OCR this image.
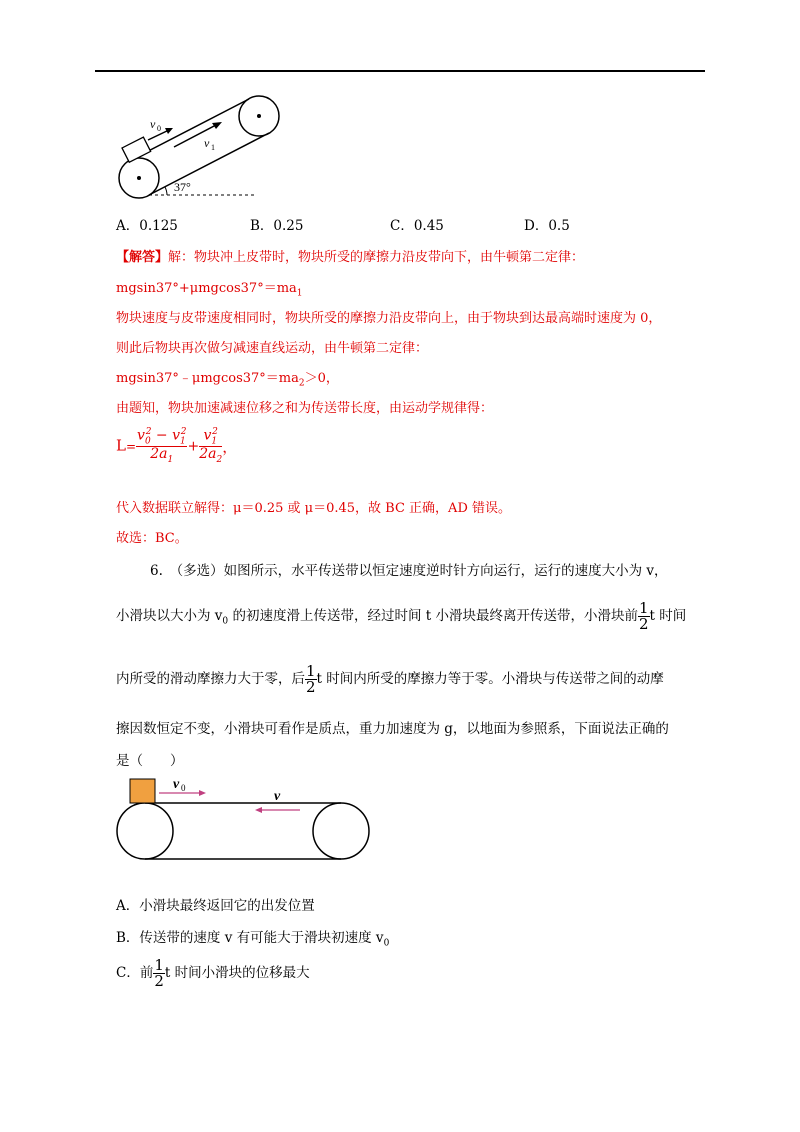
v 0
v 1
37°
A．0.125	B．0.25	C．0.45	D．0.5
【解答】解：物块冲上皮带时，物块所受的摩擦力沿皮带向下，由牛顿第二定律：
$mgsin37^\circ+\mu mgcos37^\circ=ma_1$
物块速度与皮带速度相同时，物块所受的摩擦力沿皮带向上，由于物块到达最高端时速度为 0，
则此后物块再次做匀减速直线运动，由牛顿第二定律：
$mgsin37^\circ﹣\mu mgcos37^\circ=ma_2>0$，
由题知，物块加速减速位移之和为传送带长度，由运动学规律得：
$L= \frac{v_0^2 - v_1^2}{2a_1} + \frac{v_1^2}{2a_2}$ ，
代入数据联立解得：μ＝0.25 或 μ＝0.45，故 BC 正确，AD 错误。
故选：BC。
6.　 （多选）如图所示，水平传送带以恒定速度逆时针方向运行，运行的速度大小为 v，
小滑块以大小为 $v_0$ 的初速度滑上传送带，经过时间 t 小滑块最终离开传送带，小滑块前 $\frac{1}{2}$ t 时间
内所受的滑动摩擦力大于零，后 $\frac{1}{2}$ t 时间内所受的摩擦力等于零。小滑块与传送带之间的动摩
擦因数恒定不变，小滑块可看作是质点，重力加速度为 g，以地面为参照系，下面说法正确的
是（　　）
v 0
v
A．小滑块最终返回它的出发位置
B．传送带的速度 v 有可能大于滑块初速度 $v_0$
C．前 $\frac{1}{2}$ t 时间小滑块的位移最大
